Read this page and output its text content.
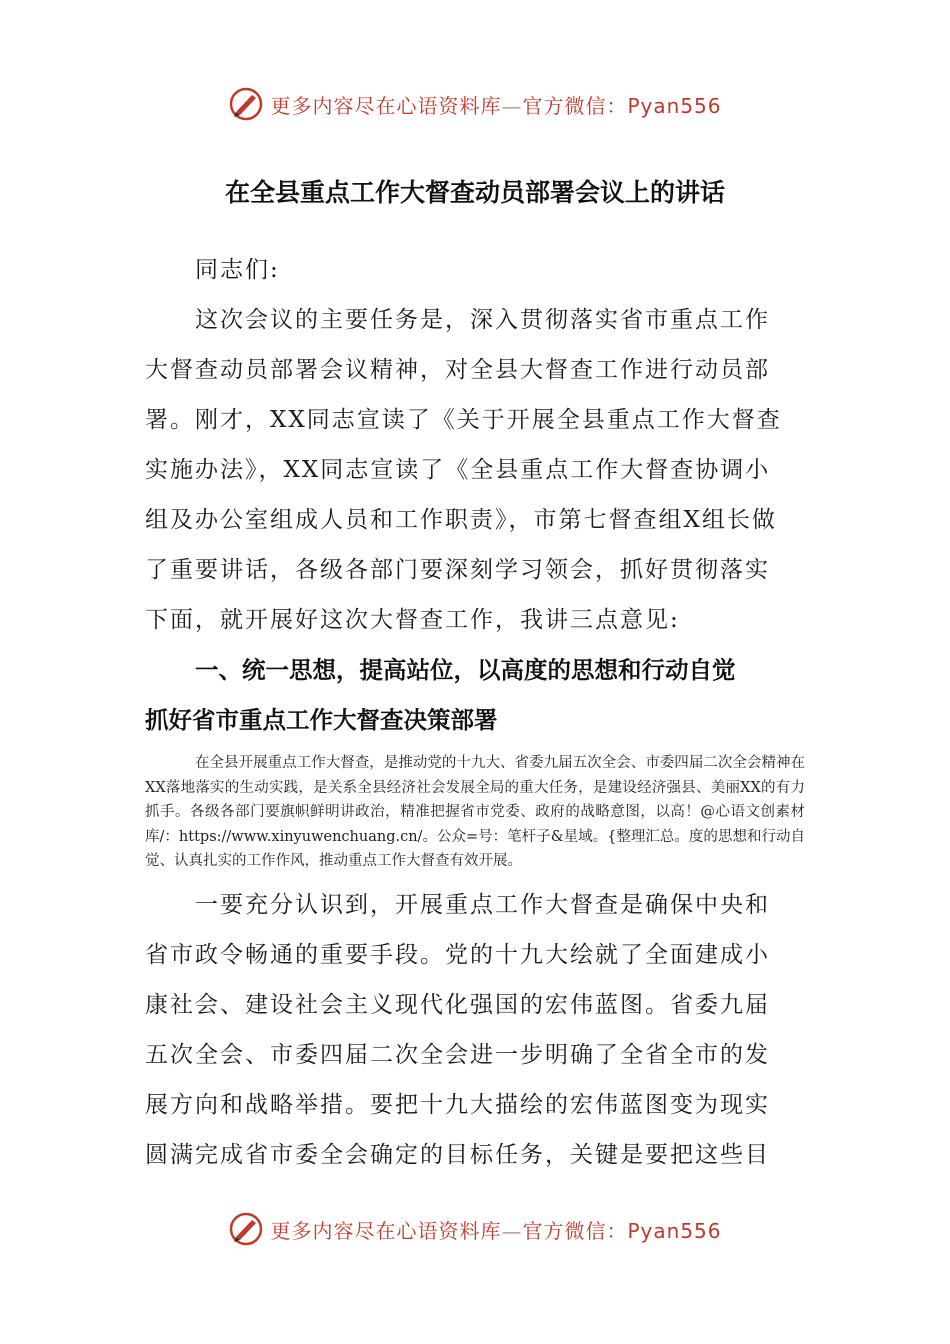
更多内容尽在心语资料库—官方微信：Pyan556
在全县重点工作大督查动员部署会议上的讲话

同志们:

这次会议的主要任务是，深入贯彻落实省市重点工作

大督查动员部署会议精神，对全县大督查工作进行动员部

署。刚才，XX同志宣读了《关于开展全县重点工作大督查

实施办法》，XX同志宣读了《全县重点工作大督查协调小

组及办公室组成人员和工作职责》，市第七督查组X组长做

了重要讲话，各级各部门要深刻学习领会，抓好贯彻落实

下面，就开展好这次大督查工作，我讲三点意见:

一、统一思想，提高站位，以高度的思想和行动自觉

抓好省市重点工作大督查决策部署

在全县开展重点工作大督查，是推动党的十九大、省委九届五次全会、市委四届二次全会精神在XX落地落实的生动实践，是关系全县经济社会发展全局的重大任务，是建设经济强县、美丽XX的有力抓手。各级各部门要旗帜鲜明讲政治，精准把握省市党委、政府的战略意图，以高！@心语文创素材库/：https://www.xinyuwenchuang.cn/。公众=号：笔杆子&星域。{整理汇总。度的思想和行动自觉、认真扎实的工作作风，推动重点工作大督查有效开展。

一要充分认识到，开展重点工作大督查是确保中央和

省市政令畅通的重要手段。党的十九大绘就了全面建成小

康社会、建设社会主义现代化强国的宏伟蓝图。省委九届

五次全会、市委四届二次全会进一步明确了全省全市的发

展方向和战略举措。要把十九大描绘的宏伟蓝图变为现实

圆满完成省市委全会确定的目标任务，关键是要把这些目

更多内容尽在心语资料库—官方微信：Pyan556
